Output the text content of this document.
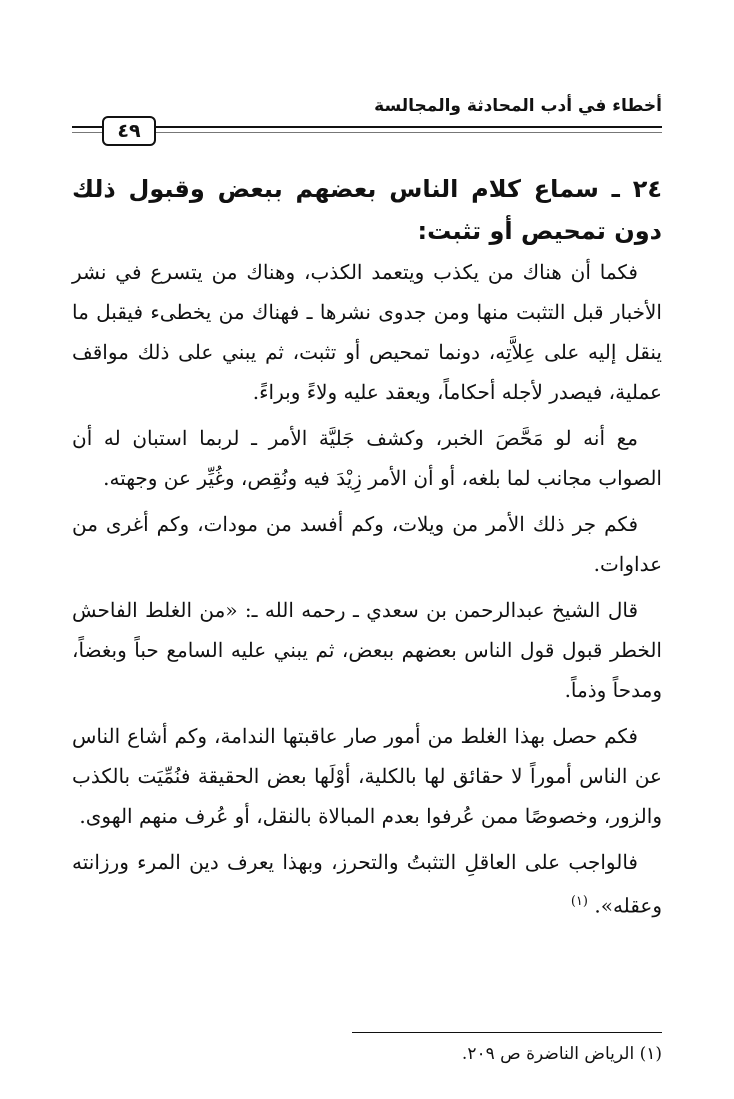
أخطاء في أدب المحادثة والمجالسة
٤٩
٢٤ ـ سماع كلام الناس بعضهم ببعض وقبول ذلك دون تمحيص أو تثبت:

فكما أن هناك من يكذب ويتعمد الكذب، وهناك من يتسرع في نشر الأخبار قبل التثبت منها ومن جدوى نشرها ـ فهناك من يخطىء فيقبل ما ينقل إليه على عِلاَّتِه، دونما تمحيص أو تثبت، ثم يبني على ذلك مواقف عملية، فيصدر لأجله أحكاماً، ويعقد عليه ولاءً وبراءً.

مع أنه لو مَحَّصَ الخبر، وكشف جَليَّة الأمر ـ لربما استبان له أن الصواب مجانب لما بلغه، أو أن الأمر زِيْدَ فيه ونُقِص، وغُيِّر عن وجهته.

فكم جر ذلك الأمر من ويلات، وكم أفسد من مودات، وكم أغرى من عداوات.

قال الشيخ عبدالرحمن بن سعدي ـ رحمه الله ـ: «من الغلط الفاحش الخطر قبول قول الناس بعضهم ببعض، ثم يبني عليه السامع حباً وبغضاً، ومدحاً وذماً.

فكم حصل بهذا الغلط من أمور صار عاقبتها الندامة، وكم أشاع الناس عن الناس أموراً لا حقائق لها بالكلية، أوْلَها بعض الحقيقة فنُمِّيَت بالكذب والزور، وخصوصًا ممن عُرفوا بعدم المبالاة بالنقل، أو عُرف منهم الهوى.

فالواجب على العاقلِ التثبتُ والتحرز، وبهذا يعرف دين المرء ورزانته وعقله». $^{(١)}$

(١) الرياض الناضرة ص ٢٠٩.
